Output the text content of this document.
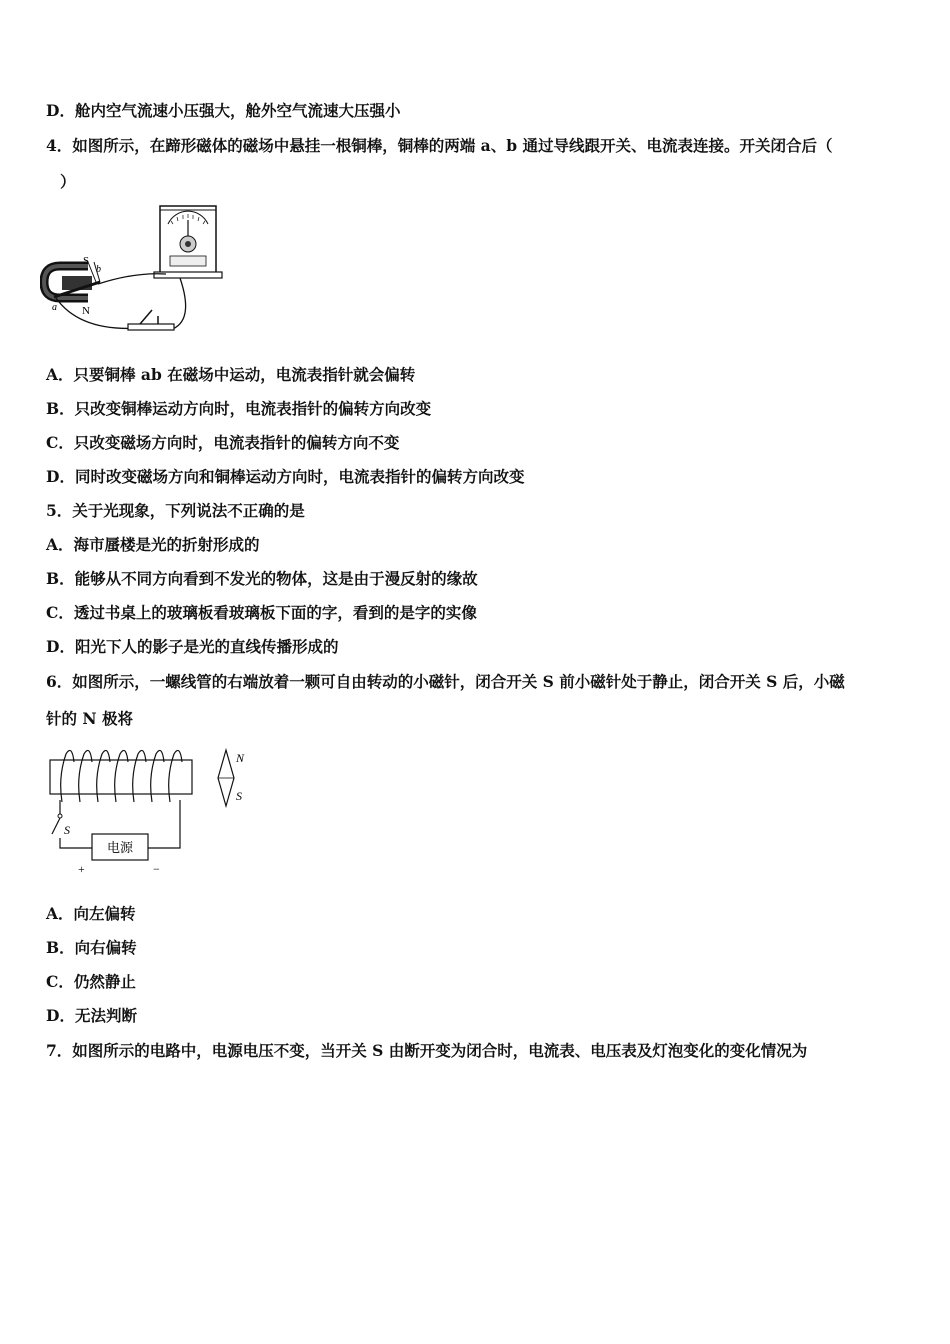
D．舱内空气流速小压强大，舱外空气流速大压强小
4．如图所示，在蹄形磁体的磁场中悬挂一根铜棒，铜棒的两端 a、b 通过导线跟开关、电流表连接。开关闭合后（
）
S
b
a N
A．只要铜棒 ab 在磁场中运动，电流表指针就会偏转
B．只改变铜棒运动方向时，电流表指针的偏转方向改变
C．只改变磁场方向时，电流表指针的偏转方向不变
D．同时改变磁场方向和铜棒运动方向时，电流表指针的偏转方向改变
5．关于光现象，下列说法不正确的是
A．海市蜃楼是光的折射形成的
B．能够从不同方向看到不发光的物体，这是由于漫反射的缘故
C．透过书桌上的玻璃板看玻璃板下面的字，看到的是字的实像
D．阳光下人的影子是光的直线传播形成的
6．如图所示，一螺线管的右端放着一颗可自由转动的小磁针，闭合开关 S 前小磁针处于静止，闭合开关 S 后，小磁
针的 N 极将
电源
S
+	−
N
S
A．向左偏转
B．向右偏转
C．仍然静止
D．无法判断
7．如图所示的电路中，电源电压不变，当开关 S 由断开变为闭合时，电流表、电压表及灯泡变化的变化情况为
